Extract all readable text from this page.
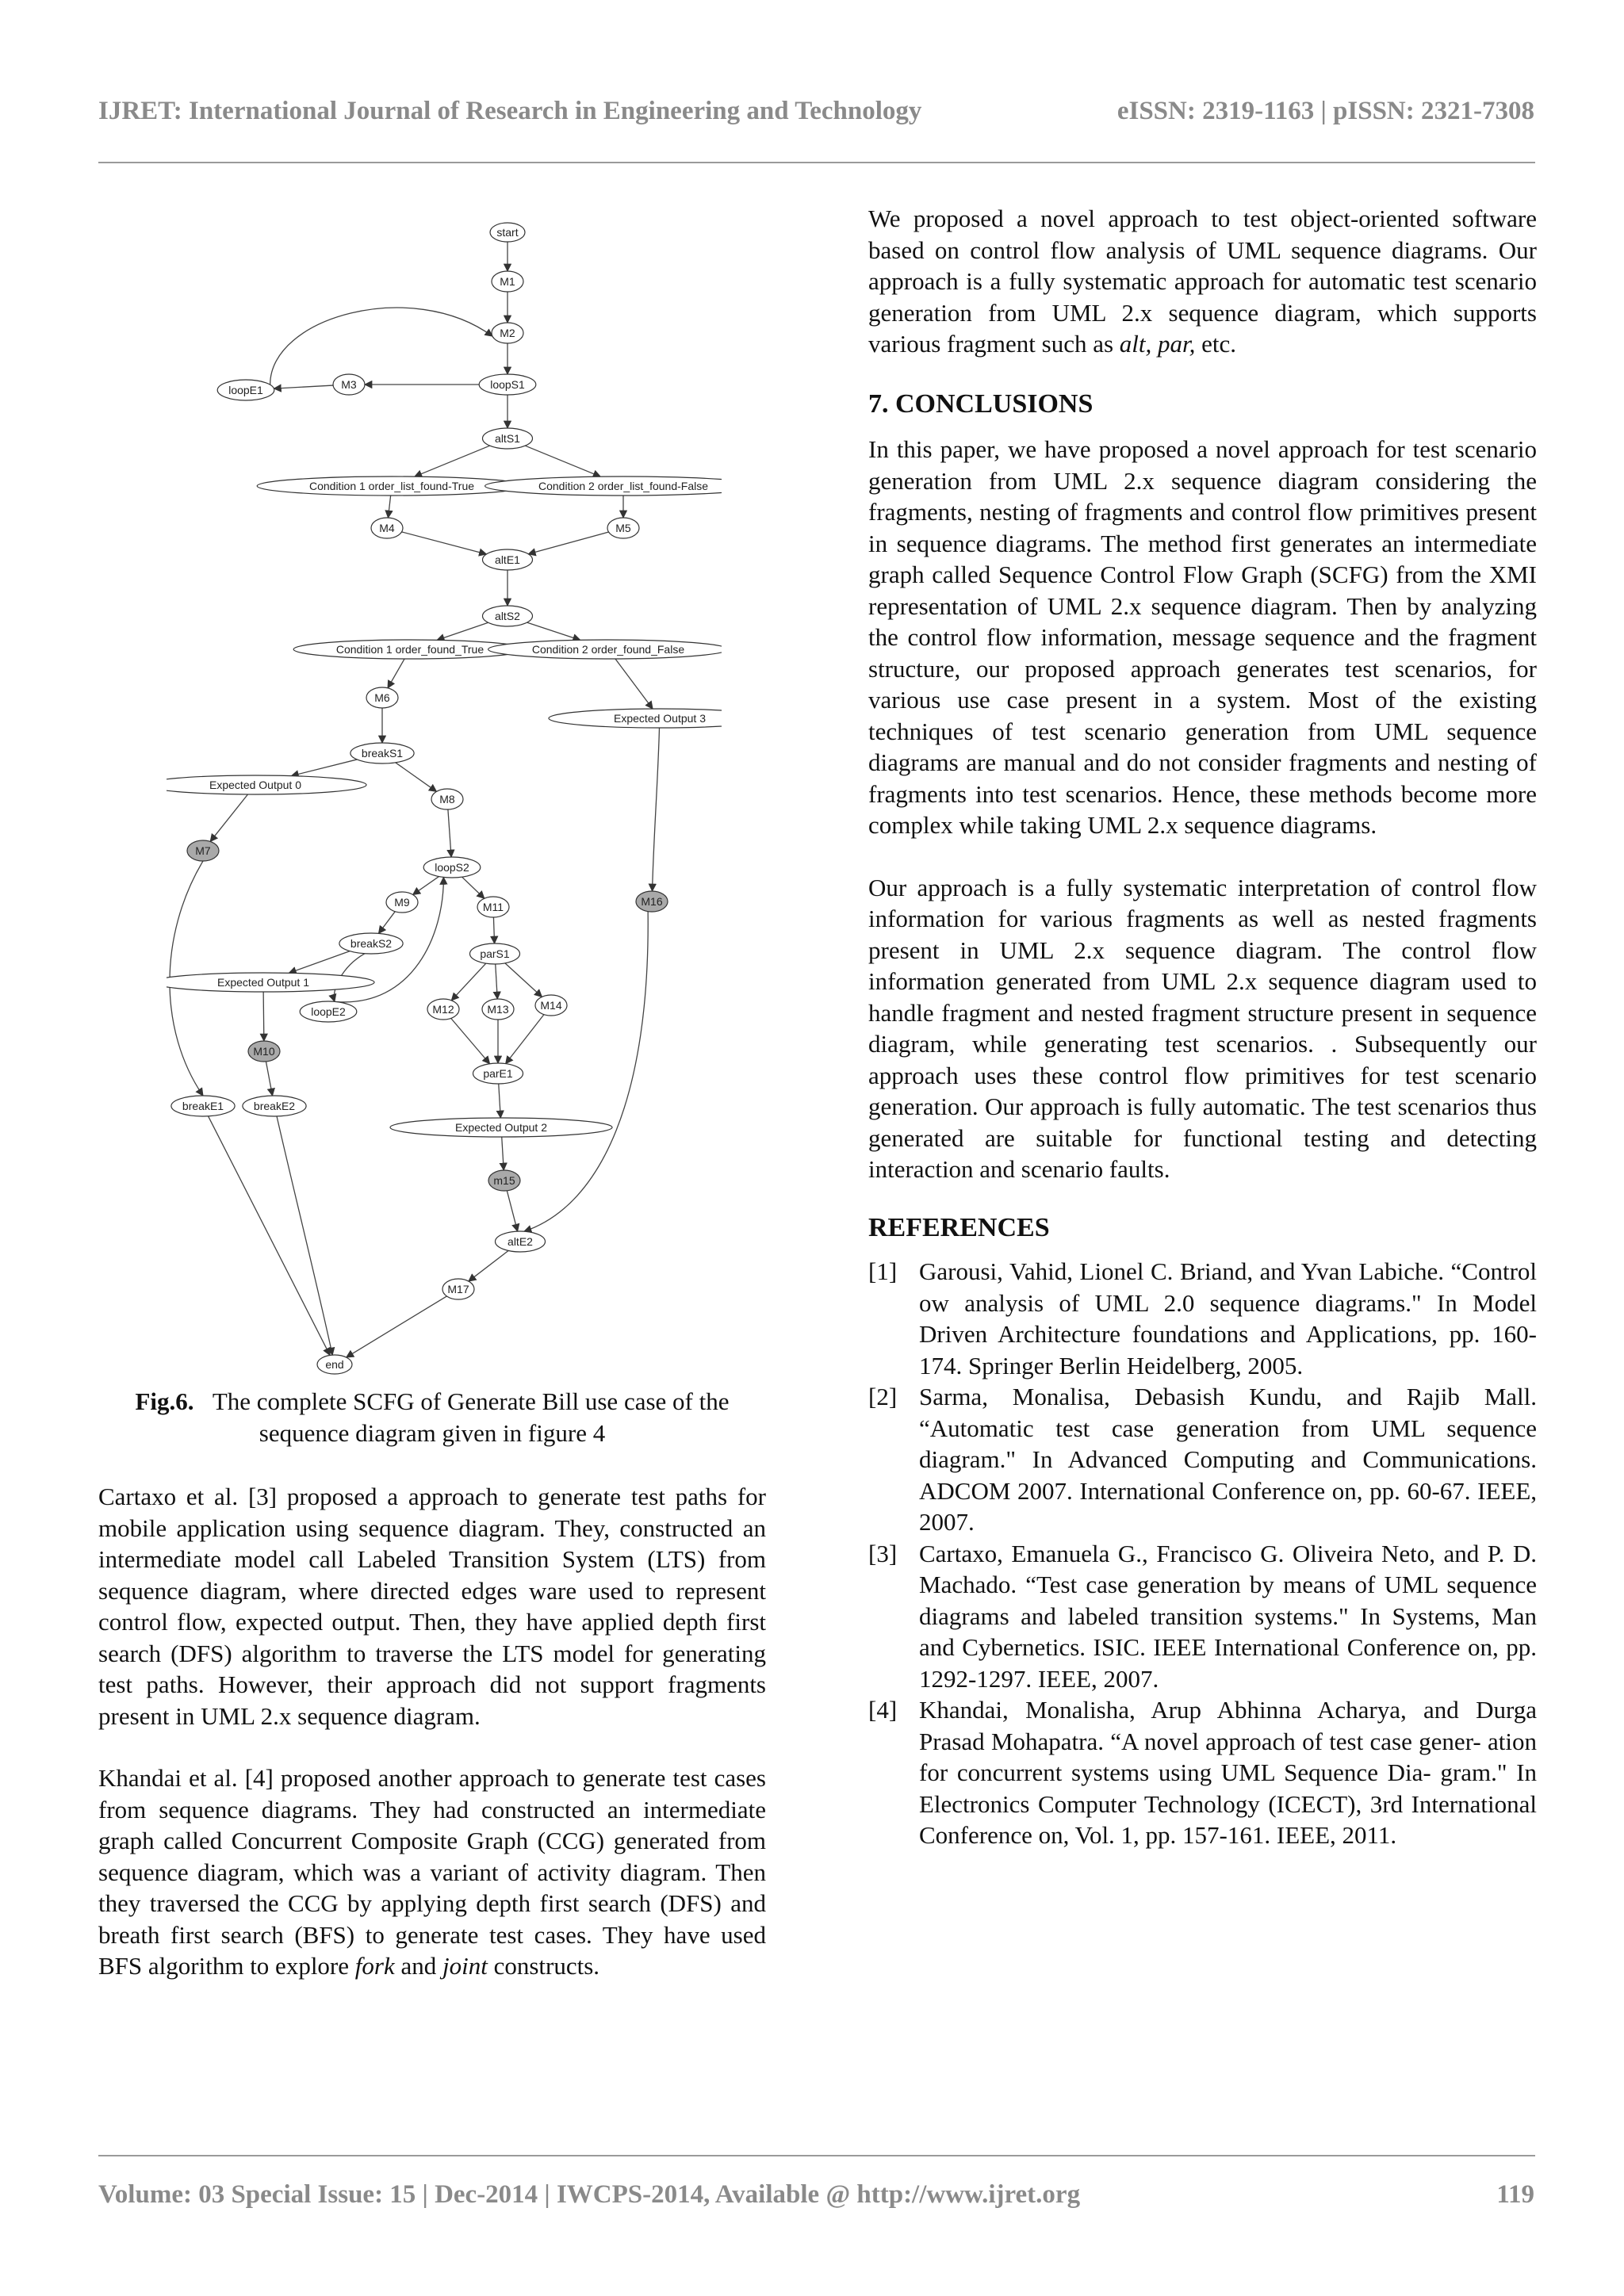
IJRET: International Journal of Research in Engineering and Technology	eISSN: 2319-1163 | pISSN: 2321-7308
start
M1
M2
loopS1
M3
loopE1
altS1
Condition 1 order_list_found-True	Condition 2 order_list_found-False
M4	M5
altE1
altS2
Condition 1 order_found_True	Condition 2 order_found_False
M6
Expected Output 3
breakS1
Expected Output 0
M8
M7
loopS2
M16
M9	M11
breakS2
parS1
Expected Output 1
loopE2	M12	M13	M14
M10
parE1
breakE1	breakE2
Expected Output 2
m15
altE2
M17
end
Fig.6. The complete SCFG of Generate Bill use case of the sequence diagram given in figure 4

Cartaxo et al. [3] proposed a approach to generate test paths for mobile application using sequence diagram. They, constructed an intermediate model call Labeled Transition System (LTS) from sequence diagram, where directed edges ware used to represent control flow, expected output. Then, they have applied depth first search (DFS) algorithm to traverse the LTS model for generating test paths. However, their approach did not support fragments present in UML 2.x sequence diagram.

Khandai et al. [4] proposed another approach to generate test cases from sequence diagrams. They had constructed an intermediate graph called Concurrent Composite Graph (CCG) generated from sequence diagram, which was a variant of activity diagram. Then they traversed the CCG by applying depth first search (DFS) and breath first search (BFS) to generate test cases. They have used BFS algorithm to explore fork and joint constructs.

We proposed a novel approach to test object-oriented software based on control flow analysis of UML sequence diagrams. Our approach is a fully systematic approach for automatic test scenario generation from UML 2.x sequence diagram, which supports various fragment such as alt, par, etc.

7. CONCLUSIONS

In this paper, we have proposed a novel approach for test scenario generation from UML 2.x sequence diagram considering the fragments, nesting of fragments and control flow primitives present in sequence diagrams. The method first generates an intermediate graph called Sequence Control Flow Graph (SCFG) from the XMI representation of UML 2.x sequence diagram. Then by analyzing the control flow information, message sequence and the fragment structure, our proposed approach generates test scenarios, for various use case present in a system. Most of the existing techniques of test scenario generation from UML sequence diagrams are manual and do not consider fragments and nesting of fragments into test scenarios. Hence, these methods become more complex while taking UML 2.x sequence diagrams.

Our approach is a fully systematic interpretation of control flow information for various fragments as well as nested fragments present in UML 2.x sequence diagram. The control flow information generated from UML 2.x sequence diagram used to handle fragment and nested fragment structure present in sequence diagram, while generating test scenarios. . Subsequently our approach uses these control flow primitives for test scenario generation. Our approach is fully automatic. The test scenarios thus generated are suitable for functional testing and detecting interaction and scenario faults.

REFERENCES

[1] Garousi, Vahid, Lionel C. Briand, and Yvan Labiche. “Control ow analysis of UML 2.0 sequence diagrams." In Model Driven Architecture foundations and Applications, pp. 160-174. Springer Berlin Heidelberg, 2005.
[2] Sarma, Monalisa, Debasish Kundu, and Rajib Mall. “Automatic test case generation from UML sequence diagram." In Advanced Computing and Communications. ADCOM 2007. International Conference on, pp. 60-67. IEEE, 2007.
[3] Cartaxo, Emanuela G., Francisco G. Oliveira Neto, and P. D. Machado. “Test case generation by means of UML sequence diagrams and labeled transition systems." In Systems, Man and Cybernetics. ISIC. IEEE International Conference on, pp. 1292-1297. IEEE, 2007.
[4] Khandai, Monalisha, Arup Abhinna Acharya, and Durga Prasad Mohapatra. “A novel approach of test case gener- ation for concurrent systems using UML Sequence Dia- gram." In Electronics Computer Technology (ICECT), 3rd International Conference on, Vol. 1, pp. 157-161. IEEE, 2011.
Volume: 03 Special Issue: 15 | Dec-2014 | IWCPS-2014, Available @ http://www.ijret.org	119
